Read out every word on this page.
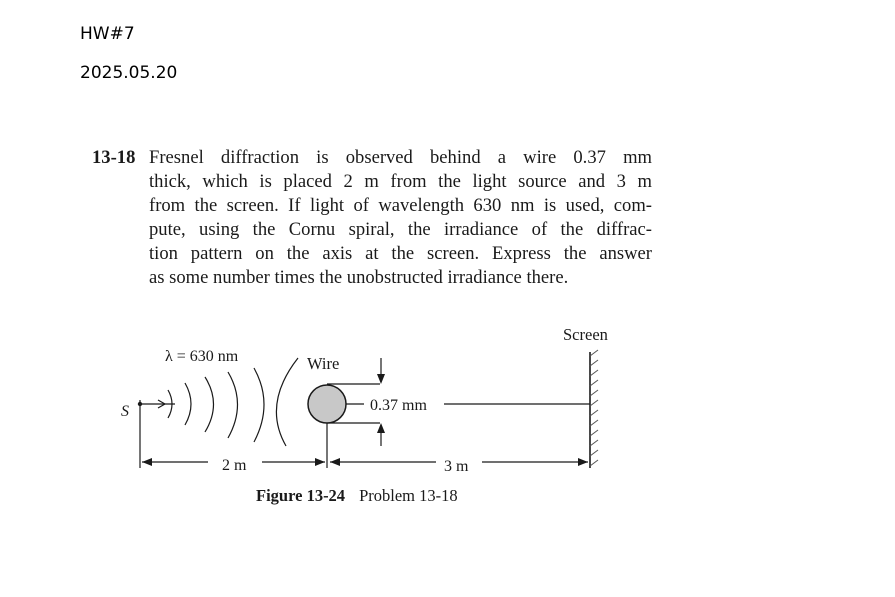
HW#7
2025.05.20
13-18 Fresnel diffraction is observed behind a wire 0.37 mm
thick, which is placed 2 m from the light source and 3 m
from the screen. If light of wavelength 630 nm is used, com-
pute, using the Cornu spiral, the irradiance of the diffrac-
tion pattern on the axis at the screen. Express the answer
as some number times the unobstructed irradiance there.
λ = 630 nm
S
Wire
0.37 mm
Screen
2 m	3 m
Figure 13-24 Problem 13-18
